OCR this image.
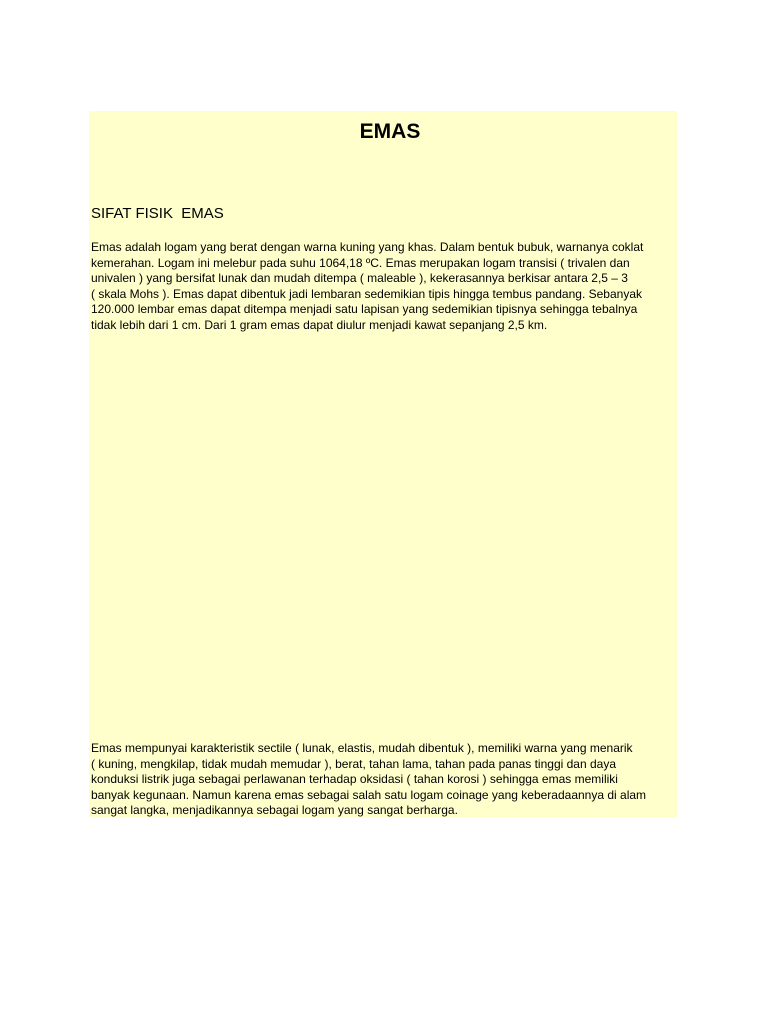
EMAS
SIFAT FISIK  EMAS

Emas adalah logam yang berat dengan warna kuning yang khas. Dalam bentuk bubuk, warnanya coklat
kemerahan. Logam ini melebur pada suhu 1064,18 ºC. Emas merupakan logam transisi ( trivalen dan
univalen ) yang bersifat lunak dan mudah ditempa ( maleable ), kekerasannya berkisar antara 2,5 – 3
( skala Mohs ). Emas dapat dibentuk jadi lembaran sedemikian tipis hingga tembus pandang. Sebanyak
120.000 lembar emas dapat ditempa menjadi satu lapisan yang sedemikian tipisnya sehingga tebalnya
tidak lebih dari 1 cm. Dari 1 gram emas dapat diulur menjadi kawat sepanjang 2,5 km.

Emas mempunyai karakteristik sectile ( lunak, elastis, mudah dibentuk ), memiliki warna yang menarik
( kuning, mengkilap, tidak mudah memudar ), berat, tahan lama, tahan pada panas tinggi dan daya
konduksi listrik juga sebagai perlawanan terhadap oksidasi ( tahan korosi ) sehingga emas memiliki
banyak kegunaan. Namun karena emas sebagai salah satu logam coinage yang keberadaannya di alam
sangat langka, menjadikannya sebagai logam yang sangat berharga.
